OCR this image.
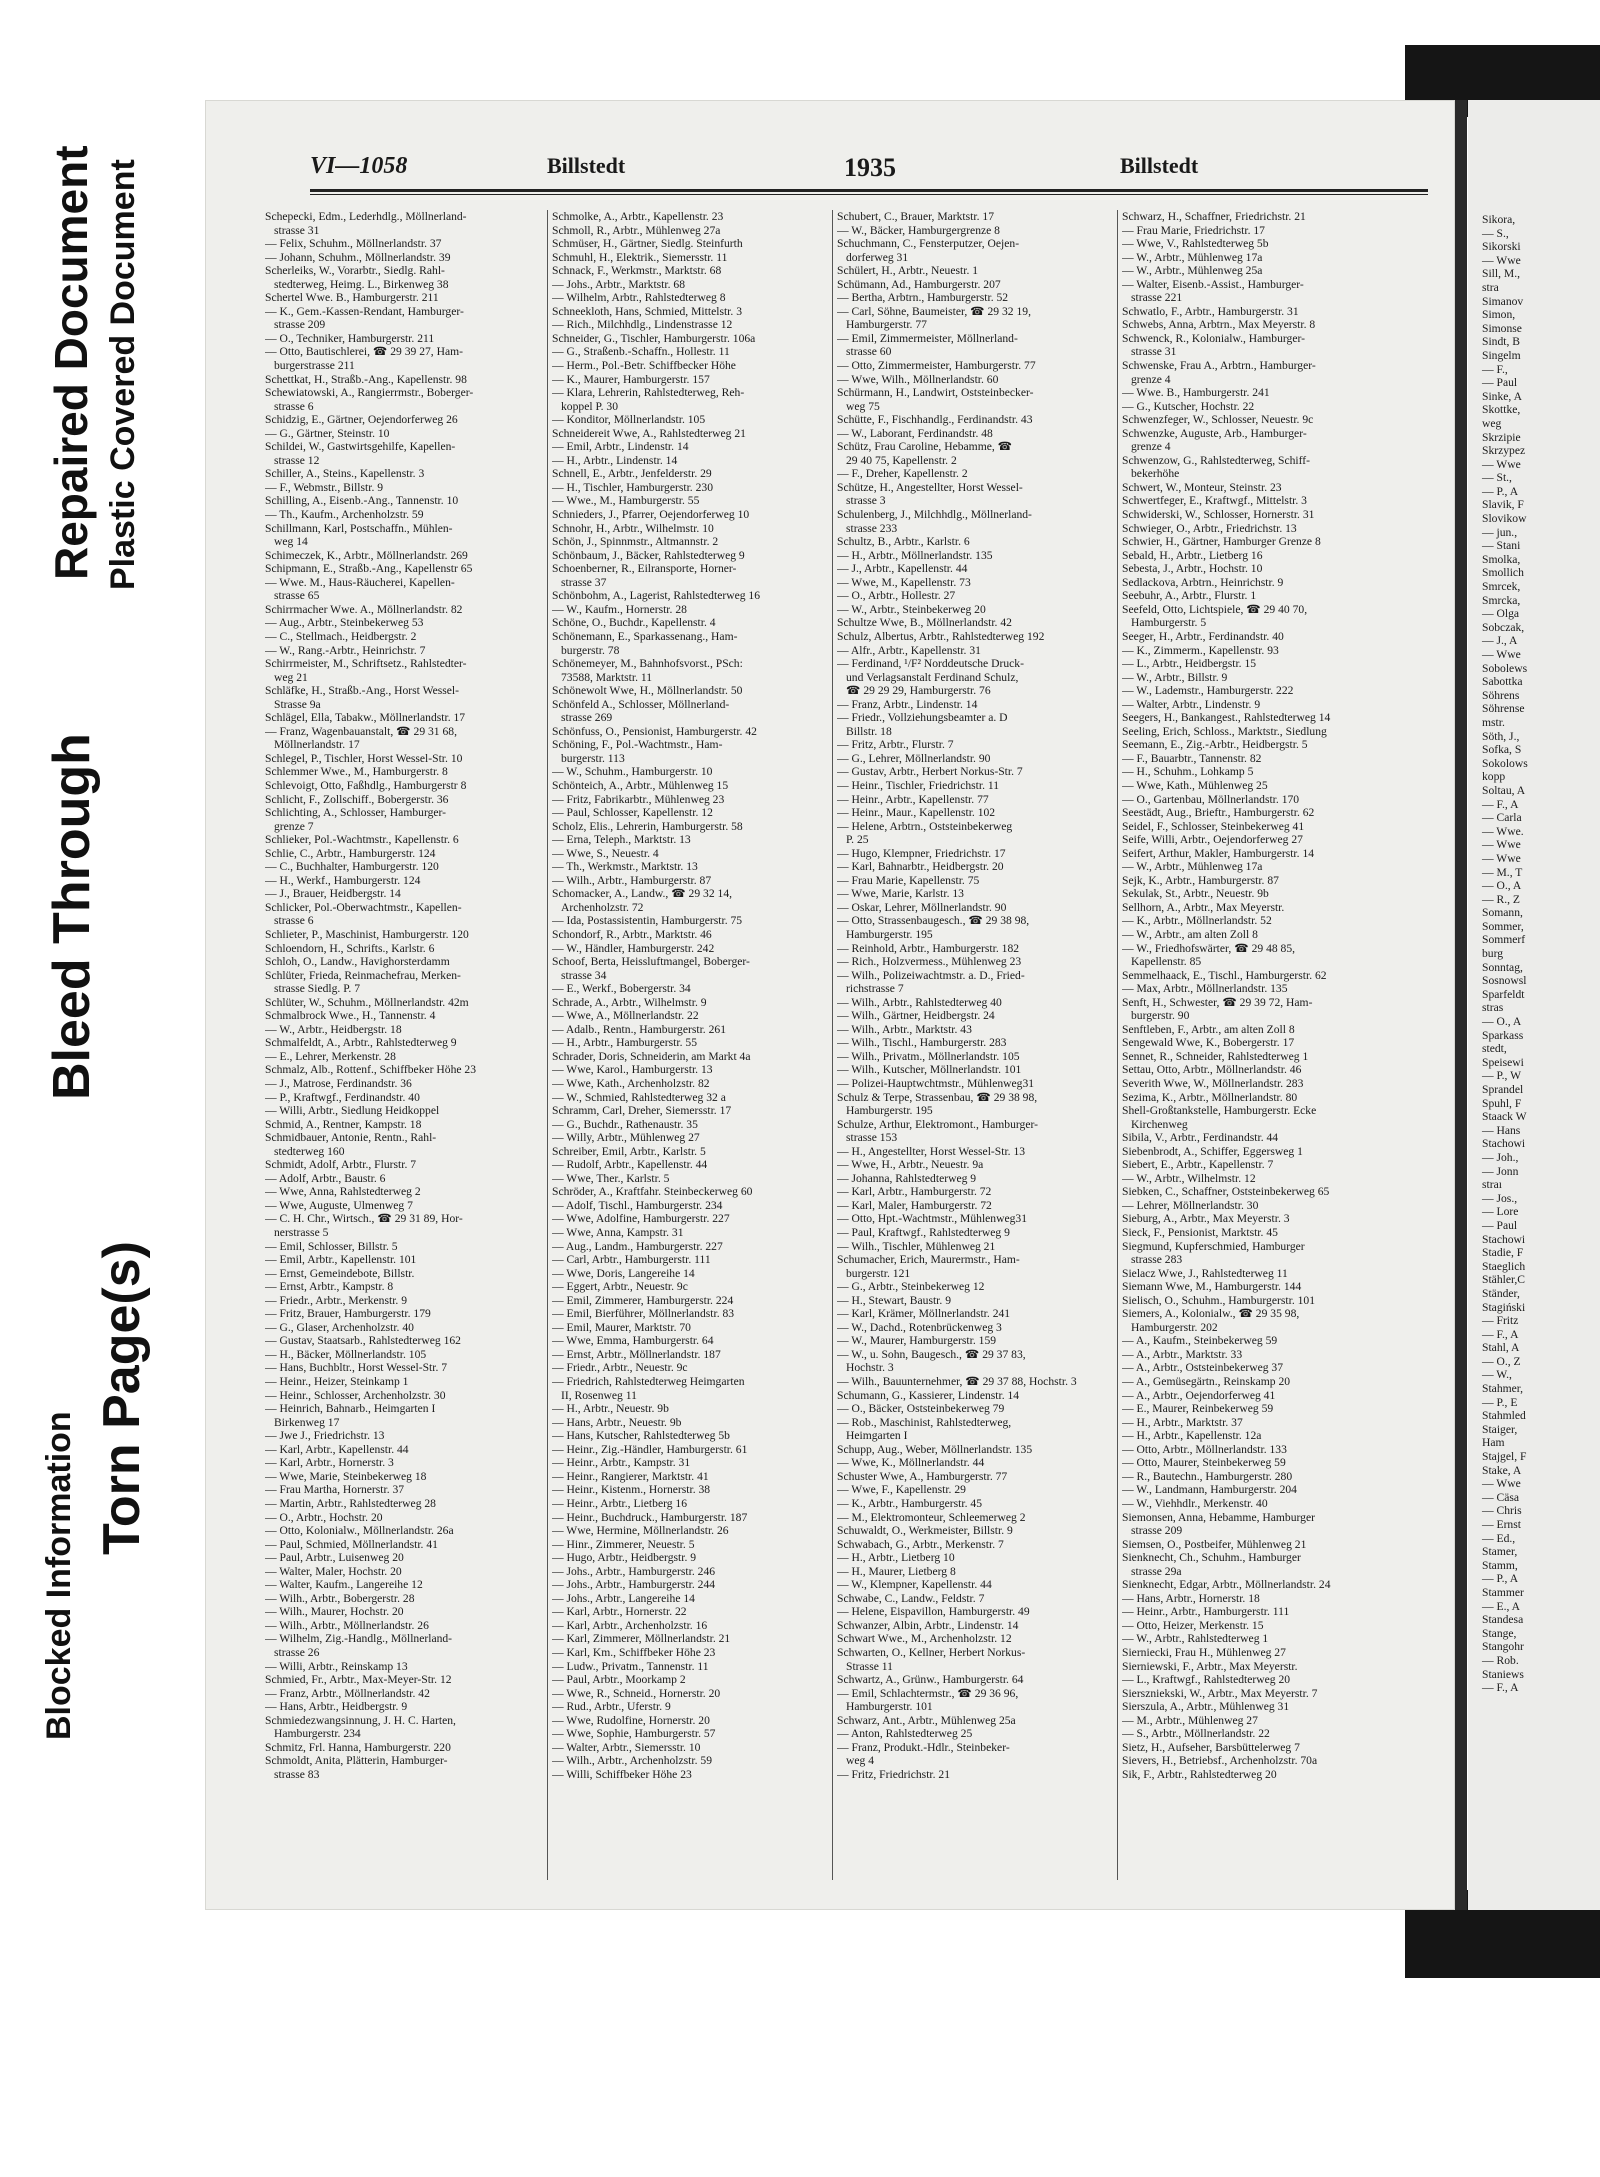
Blocked Information
Torn Page(s)
Bleed Through
Repaired Document Plastic Covered Document	VI—1058	Billstedt	1935	Billstedt
Schepecki, Edm., Lederhdlg., Möllnerland-
strasse 31
— Felix, Schuhm., Möllnerlandstr. 37
— Johann, Schuhm., Möllnerlandstr. 39
Scherleiks, W., Vorarbtr., Siedlg. Rahl-
stedterweg, Heimg. L., Birkenweg 38
Schertel Wwe. B., Hamburgerstr. 211
— K., Gem.-Kassen-Rendant, Hamburger-
strasse 209
— O., Techniker, Hamburgerstr. 211
— Otto, Bautischlerei, ☎ 29 39 27, Ham-
burgerstrasse 211
Schettkat, H., Straßb.-Ang., Kapellenstr. 98
Schewiatowski, A., Rangierrmstr., Boberger-
strasse 6
Schidzig, E., Gärtner, Oejendorferweg 26
— G., Gärtner, Steinstr. 10
Schildei, W., Gastwirtsgehilfe, Kapellen-
strasse 12
Schiller, A., Steins., Kapellenstr. 3
— F., Webmstr., Billstr. 9
Schilling, A., Eisenb.-Ang., Tannenstr. 10
— Th., Kaufm., Archenholzstr. 59
Schillmann, Karl, Postschaffn., Mühlen-
weg 14
Schimeczek, K., Arbtr., Möllnerlandstr. 269
Schipmann, E., Straßb.-Ang., Kapellenstr 65
— Wwe. M., Haus-Räucherei, Kapellen-
strasse 65
Schirrmacher Wwe. A., Möllnerlandstr. 82
— Aug., Arbtr., Steinbekerweg 53
— C., Stellmach., Heidbergstr. 2
— W., Rang.-Arbtr., Heinrichstr. 7
Schirrmeister, M., Schriftsetz., Rahlstedter-
weg 21
Schläfke, H., Straßb.-Ang., Horst Wessel-
Strasse 9a
Schlägel, Ella, Tabakw., Möllnerlandstr. 17
— Franz, Wagenbauanstalt, ☎ 29 31 68,
Möllnerlandstr. 17
Schlegel, P., Tischler, Horst Wessel-Str. 10
Schlemmer Wwe., M., Hamburgerstr. 8
Schlevoigt, Otto, Faßhdlg., Hamburgerstr 8
Schlicht, F., Zollschiff., Bobergerstr. 36
Schlichting, A., Schlosser, Hamburger-
grenze 7
Schlieker, Pol.-Wachtmstr., Kapellenstr. 6
Schlie, C., Arbtr., Hamburgerstr. 124
— C., Buchhalter, Hamburgerstr. 120
— H., Werkf., Hamburgerstr. 124
— J., Brauer, Heidbergstr. 14
Schlicker, Pol.-Oberwachtmstr., Kapellen-
strasse 6
Schlieter, P., Maschinist, Hamburgerstr. 120
Schloendorn, H., Schrifts., Karlstr. 6
Schloh, O., Landw., Havighorsterdamm
Schlüter, Frieda, Reinmachefrau, Merken-
strasse Siedlg. P. 7
Schlüter, W., Schuhm., Möllnerlandstr. 42m
Schmalbrock Wwe., H., Tannenstr. 4
— W., Arbtr., Heidbergstr. 18
Schmalfeldt, A., Arbtr., Rahlstedterweg 9
— E., Lehrer, Merkenstr. 28
Schmalz, Alb., Rottenf., Schiffbeker Höhe 23
— J., Matrose, Ferdinandstr. 36
— P., Kraftwgf., Ferdinandstr. 40
— Willi, Arbtr., Siedlung Heidkoppel
Schmid, A., Rentner, Kampstr. 18
Schmidbauer, Antonie, Rentn., Rahl-
stedterweg 160
Schmidt, Adolf, Arbtr., Flurstr. 7
— Adolf, Arbtr., Baustr. 6
— Wwe, Anna, Rahlstedterweg 2
— Wwe, Auguste, Ulmenweg 7
— C. H. Chr., Wirtsch., ☎ 29 31 89, Hor-
nerstrasse 5
— Emil, Schlosser, Billstr. 5
— Emil, Arbtr., Kapellenstr. 101
— Ernst, Gemeindebote, Billstr.
— Ernst, Arbtr., Kampstr. 8
— Friedr., Arbtr., Merkenstr. 9
— Fritz, Brauer, Hamburgerstr. 179
— G., Glaser, Archenholzstr. 40
— Gustav, Staatsarb., Rahlstedterweg 162
— H., Bäcker, Möllnerlandstr. 105
— Hans, Buchbltr., Horst Wessel-Str. 7
— Heinr., Heizer, Steinkamp 1
— Heinr., Schlosser, Archenholzstr. 30
— Heinrich, Bahnarb., Heimgarten I
Birkenweg 17
— Jwe J., Friedrichstr. 13
— Karl, Arbtr., Kapellenstr. 44
— Karl, Arbtr., Hornerstr. 3
— Wwe, Marie, Steinbekerweg 18
— Frau Martha, Hornerstr. 37
— Martin, Arbtr., Rahlstedterweg 28
— O., Arbtr., Hochstr. 20
— Otto, Kolonialw., Möllnerlandstr. 26a
— Paul, Schmied, Möllnerlandstr. 41
— Paul, Arbtr., Luisenweg 20
— Walter, Maler, Hochstr. 20
— Walter, Kaufm., Langereihe 12
— Wilh., Arbtr., Bobergerstr. 28
— Wilh., Maurer, Hochstr. 20
— Wilh., Arbtr., Möllnerlandstr. 26
— Wilhelm, Zig.-Handlg., Möllnerland-
strasse 26
— Willi, Arbtr., Reinskamp 13
Schmied, Fr., Arbtr., Max-Meyer-Str. 12
— Franz, Arbtr., Möllnerlandstr. 42
— Hans, Arbtr., Heidbergstr. 9
Schmiedezwangsinnung, J. H. C. Harten,
Hamburgerstr. 234
Schmitz, Frl. Hanna, Hamburgerstr. 220
Schmoldt, Anita, Plätterin, Hamburger-
strasse 83
Schmolke, A., Arbtr., Kapellenstr. 23
Schmoll, R., Arbtr., Mühlenweg 27a
Schmüser, H., Gärtner, Siedlg. Steinfurth
Schmuhl, H., Elektrik., Siemersstr. 11
Schnack, F., Werkmstr., Marktstr. 68
— Johs., Arbtr., Marktstr. 68
— Wilhelm, Arbtr., Rahlstedterweg 8
Schneekloth, Hans, Schmied, Mittelstr. 3
— Rich., Milchhdlg., Lindenstrasse 12
Schneider, G., Tischler, Hamburgerstr. 106a
— G., Straßenb.-Schaffn., Hollestr. 11
— Herm., Pol.-Betr. Schiffbecker Höhe
— K., Maurer, Hamburgerstr. 157
— Klara, Lehrerin, Rahlstedterweg, Reh-
koppel P. 30
— Konditor, Möllnerlandstr. 105
Schneidereit Wwe, A., Rahlstedterweg 21
— Emil, Arbtr., Lindenstr. 14
— H., Arbtr., Lindenstr. 14
Schnell, E., Arbtr., Jenfelderstr. 29
— H., Tischler, Hamburgerstr. 230
— Wwe., M., Hamburgerstr. 55
Schnieders, J., Pfarrer, Oejendorferweg 10
Schnohr, H., Arbtr., Wilhelmstr. 10
Schön, J., Spinnmstr., Altmannstr. 2
Schönbaum, J., Bäcker, Rahlstedterweg 9
Schoenberner, R., Eilransporte, Horner-
strasse 37
Schönbohm, A., Lagerist, Rahlstedterweg 16
— W., Kaufm., Hornerstr. 28
Schöne, O., Buchdr., Kapellenstr. 4
Schönemann, E., Sparkassenang., Ham-
burgerstr. 78
Schönemeyer, M., Bahnhofsvorst., PSch:
73588, Marktstr. 11
Schönewolt Wwe, H., Möllnerlandstr. 50
Schönfeld A., Schlosser, Möllnerland-
strasse 269
Schönfuss, O., Pensionist, Hamburgerstr. 42
Schöning, F., Pol.-Wachtmstr., Ham-
burgerstr. 113
— W., Schuhm., Hamburgerstr. 10
Schönteich, A., Arbtr., Mühlenweg 15
— Fritz, Fabrikarbtr., Mühlenweg 23
— Paul, Schlosser, Kapellenstr. 12
Scholz, Elis., Lehrerin, Hamburgerstr. 58
— Erna, Teleph., Marktstr. 13
— Wwe, S., Neuestr. 4
— Th., Werkmstr., Marktstr. 13
— Wilh., Arbtr., Hamburgerstr. 87
Schomacker, A., Landw., ☎ 29 32 14,
Archenholzstr. 72
— Ida, Postassistentin, Hamburgerstr. 75
Schondorf, R., Arbtr., Marktstr. 46
— W., Händler, Hamburgerstr. 242
Schoof, Berta, Heissluftmangel, Boberger-
strasse 34
— E., Werkf., Bobergerstr. 34
Schrade, A., Arbtr., Wilhelmstr. 9
— Wwe, A., Möllnerlandstr. 22
— Adalb., Rentn., Hamburgerstr. 261
— H., Arbtr., Hamburgerstr. 55
Schrader, Doris, Schneiderin, am Markt 4a
— Wwe, Karol., Hamburgerstr. 13
— Wwe, Kath., Archenholzstr. 82
— W., Schmied, Rahlstedterweg 32 a
Schramm, Carl, Dreher, Siemersstr. 17
— G., Buchdr., Rathenaustr. 35
— Willy, Arbtr., Mühlenweg 27
Schreiber, Emil, Arbtr., Karlstr. 5
— Rudolf, Arbtr., Kapellenstr. 44
— Wwe, Ther., Karlstr. 5
Schröder, A., Kraftfahr. Steinbeckerweg 60
— Adolf, Tischl., Hamburgerstr. 234
— Wwe, Adolfine, Hamburgerstr. 227
— Wwe, Anna, Kampstr. 31
— Aug., Landm., Hamburgerstr. 227
— Carl, Arbtr., Hamburgerstr. 111
— Wwe, Doris, Langereihe 14
— Eggert, Arbtr., Neuestr. 9c
— Emil, Zimmerer, Hamburgerstr. 224
— Emil, Bierführer, Möllnerlandstr. 83
— Emil, Maurer, Marktstr. 70
— Wwe, Emma, Hamburgerstr. 64
— Ernst, Arbtr., Möllnerlandstr. 187
— Friedr., Arbtr., Neuestr. 9c
— Friedrich, Rahlstedterweg Heimgarten
II, Rosenweg 11
— H., Arbtr., Neuestr. 9b
— Hans, Arbtr., Neuestr. 9b
— Hans, Kutscher, Rahlstedterweg 5b
— Heinr., Zig.-Händler, Hamburgerstr. 61
— Heinr., Arbtr., Kampstr. 31
— Heinr., Rangierer, Marktstr. 41
— Heinr., Kistenm., Hornerstr. 38
— Heinr., Arbtr., Lietberg 16
— Heinr., Buchdruck., Hamburgerstr. 187
— Wwe, Hermine, Möllnerlandstr. 26
— Hinr., Zimmerer, Neuestr. 5
— Hugo, Arbtr., Heidbergstr. 9
— Johs., Arbtr., Hamburgerstr. 246
— Johs., Arbtr., Hamburgerstr. 244
— Johs., Arbtr., Langereihe 14
— Karl, Arbtr., Hornerstr. 22
— Karl, Arbtr., Archenholzstr. 16
— Karl, Zimmerer, Möllnerlandstr. 21
— Karl, Km., Schiffbeker Höhe 23
— Ludw., Privatm., Tannenstr. 11
— Paul, Arbtr., Moorkamp 2
— Wwe, R., Schneid., Hornerstr. 20
— Rud., Arbtr., Uferstr. 9
— Wwe, Rudolfine, Hornerstr. 20
— Wwe, Sophie, Hamburgerstr. 57
— Walter, Arbtr., Siemersstr. 10
— Wilh., Arbtr., Archenholzstr. 59
— Willi, Schiffbeker Höhe 23
Schubert, C., Brauer, Marktstr. 17
— W., Bäcker, Hamburgergrenze 8
Schuchmann, C., Fensterputzer, Oejen-
dorferweg 31
Schülert, H., Arbtr., Neuestr. 1
Schümann, Ad., Hamburgerstr. 207
— Bertha, Arbtrn., Hamburgerstr. 52
— Carl, Söhne, Baumeister, ☎ 29 32 19,
Hamburgerstr. 77
— Emil, Zimmermeister, Möllnerland-
strasse 60
— Otto, Zimmermeister, Hamburgerstr. 77
— Wwe, Wilh., Möllnerlandstr. 60
Schürmann, H., Landwirt, Oststeinbecker-
weg 75
Schütte, F., Fischhandlg., Ferdinandstr. 43
— W., Laborant, Ferdinandstr. 48
Schütz, Frau Caroline, Hebamme, ☎
29 40 75, Kapellenstr. 2
— F., Dreher, Kapellenstr. 2
Schütze, H., Angestellter, Horst Wessel-
strasse 3
Schulenberg, J., Milchhdlg., Möllnerland-
strasse 233
Schultz, B., Arbtr., Karlstr. 6
— H., Arbtr., Möllnerlandstr. 135
— J., Arbtr., Kapellenstr. 44
— Wwe, M., Kapellenstr. 73
— O., Arbtr., Hollestr. 27
— W., Arbtr., Steinbekerweg 20
Schultze Wwe, B., Möllnerlandstr. 42
Schulz, Albertus, Arbtr., Rahlstedterweg 192
— Alfr., Arbtr., Kapellenstr. 31
— Ferdinand, ¹/F² Norddeutsche Druck-
und Verlagsanstalt Ferdinand Schulz,
☎ 29 29 29, Hamburgerstr. 76
— Franz, Arbtr., Lindenstr. 14
— Friedr., Vollziehungsbeamter a. D
Billstr. 18
— Fritz, Arbtr., Flurstr. 7
— G., Lehrer, Möllnerlandstr. 90
— Gustav, Arbtr., Herbert Norkus-Str. 7
— Heinr., Tischler, Friedrichstr. 11
— Heinr., Arbtr., Kapellenstr. 77
— Heinr., Maur., Kapellenstr. 102
— Helene, Arbtrn., Oststeinbekerweg
P. 25
— Hugo, Klempner, Friedrichstr. 17
— Karl, Bahnarbtr., Heidbergstr. 20
— Frau Marie, Kapellenstr. 75
— Wwe, Marie, Karlstr. 13
— Oskar, Lehrer, Möllnerlandstr. 90
— Otto, Strassenbaugesch., ☎ 29 38 98,
Hamburgerstr. 195
— Reinhold, Arbtr., Hamburgerstr. 182
— Rich., Holzvermess., Mühlenweg 23
— Wilh., Polizeiwachtmstr. a. D., Fried-
richstrasse 7
— Wilh., Arbtr., Rahlstedterweg 40
— Wilh., Gärtner, Heidbergstr. 24
— Wilh., Arbtr., Marktstr. 43
— Wilh., Tischl., Hamburgerstr. 283
— Wilh., Privatm., Möllnerlandstr. 105
— Wilh., Kutscher, Möllnerlandstr. 101
— Polizei-Hauptwchtmstr., Mühlenweg31
Schulz & Terpe, Strassenbau, ☎ 29 38 98,
Hamburgerstr. 195
Schulze, Arthur, Elektromont., Hamburger-
strasse 153
— H., Angestellter, Horst Wessel-Str. 13
— Wwe, H., Arbtr., Neuestr. 9a
— Johanna, Rahlstedterweg 9
— Karl, Arbtr., Hamburgerstr. 72
— Karl, Maler, Hamburgerstr. 72
— Otto, Hpt.-Wachtmstr., Mühlenweg31
— Paul, Kraftwgf., Rahlstedterweg 9
— Wilh., Tischler, Mühlenweg 21
Schumacher, Erich, Maurermstr., Ham-
burgerstr. 121
— G., Arbtr., Steinbekerweg 12
— H., Stewart, Baustr. 9
— Karl, Krämer, Möllnerlandstr. 241
— W., Dachd., Rotenbrückenweg 3
— W., Maurer, Hamburgerstr. 159
— W., u. Sohn, Baugesch., ☎ 29 37 83,
Hochstr. 3
— Wilh., Bauunternehmer, ☎ 29 37 88, Hochstr. 3
Schumann, G., Kassierer, Lindenstr. 14
— O., Bäcker, Oststeinbekerweg 79
— Rob., Maschinist, Rahlstedterweg,
Heimgarten I
Schupp, Aug., Weber, Möllnerlandstr. 135
— Wwe, K., Möllnerlandstr. 44
Schuster Wwe, A., Hamburgerstr. 77
— Wwe, F., Kapellenstr. 29
— K., Arbtr., Hamburgerstr. 45
— M., Elektromonteur, Schleemerweg 2
Schuwaldt, O., Werkmeister, Billstr. 9
Schwabach, G., Arbtr., Merkenstr. 7
— H., Arbtr., Lietberg 10
— H., Maurer, Lietberg 8
— W., Klempner, Kapellenstr. 44
Schwabe, C., Landw., Feldstr. 7
— Helene, Eispavillon, Hamburgerstr. 49
Schwanzer, Albin, Arbtr., Lindenstr. 14
Schwart Wwe., M., Archenholzstr. 12
Schwarten, O., Kellner, Herbert Norkus-
Strasse 11
Schwartz, A., Grünw., Hamburgerstr. 64
— Emil, Schlachtermstr., ☎ 29 36 96,
Hamburgerstr. 101
Schwarz, Ant., Arbtr., Mühlenweg 25a
— Anton, Rahlstedterweg 25
— Franz, Produkt.-Hdlr., Steinbeker-
weg 4
— Fritz, Friedrichstr. 21
Schwarz, H., Schaffner, Friedrichstr. 21
— Frau Marie, Friedrichstr. 17
— Wwe, V., Rahlstedterweg 5b
— W., Arbtr., Mühlenweg 17a
— W., Arbtr., Mühlenweg 25a
— Walter, Eisenb.-Assist., Hamburger-
strasse 221
Schwatlo, F., Arbtr., Hamburgerstr. 31
Schwebs, Anna, Arbtrn., Max Meyerstr. 8
Schwenck, R., Kolonialw., Hamburger-
strasse 31
Schwenske, Frau A., Arbtrn., Hamburger-
grenze 4
— Wwe. B., Hamburgerstr. 241
— G., Kutscher, Hochstr. 22
Schwenzfeger, W., Schlosser, Neuestr. 9c
Schwenzke, Auguste, Arb., Hamburger-
grenze 4
Schwenzow, G., Rahlstedterweg, Schiff-
bekerhöhe
Schwert, W., Monteur, Steinstr. 23
Schwertfeger, E., Kraftwgf., Mittelstr. 3
Schwiderski, W., Schlosser, Hornerstr. 31
Schwieger, O., Arbtr., Friedrichstr. 13
Schwier, H., Gärtner, Hamburger Grenze 8
Sebald, H., Arbtr., Lietberg 16
Sebesta, J., Arbtr., Hochstr. 10
Sedlackova, Arbtrn., Heinrichstr. 9
Seebuhr, A., Arbtr., Flurstr. 1
Seefeld, Otto, Lichtspiele, ☎ 29 40 70,
Hamburgerstr. 5
Seeger, H., Arbtr., Ferdinandstr. 40
— K., Zimmerm., Kapellenstr. 93
— L., Arbtr., Heidbergstr. 15
— W., Arbtr., Billstr. 9
— W., Lademstr., Hamburgerstr. 222
— Walter, Arbtr., Lindenstr. 9
Seegers, H., Bankangest., Rahlstedterweg 14
Seeling, Erich, Schloss., Marktstr., Siedlung
Seemann, E., Zig.-Arbtr., Heidbergstr. 5
— F., Bauarbtr., Tannenstr. 82
— H., Schuhm., Lohkamp 5
— Wwe, Kath., Mühlenweg 25
— O., Gartenbau, Möllnerlandstr. 170
Seestädt, Aug., Brieftr., Hamburgerstr. 62
Seidel, F., Schlosser, Steinbekerweg 41
Seife, Willi, Arbtr., Oejendorferweg 27
Seifert, Arthur, Makler, Hamburgerstr. 14
— W., Arbtr., Mühlenweg 17a
Sejk, K., Arbtr., Hamburgerstr. 87
Sekulak, St., Arbtr., Neuestr. 9b
Sellhorn, A., Arbtr., Max Meyerstr.
— K., Arbtr., Möllnerlandstr. 52
— W., Arbtr., am alten Zoll 8
— W., Friedhofswärter, ☎ 29 48 85,
Kapellenstr. 85
Semmelhaack, E., Tischl., Hamburgerstr. 62
— Max, Arbtr., Möllnerlandstr. 135
Senft, H., Schwester, ☎ 29 39 72, Ham-
burgerstr. 90
Senftleben, F., Arbtr., am alten Zoll 8
Sengewald Wwe, K., Bobergerstr. 17
Sennet, R., Schneider, Rahlstedterweg 1
Settau, Otto, Arbtr., Möllnerlandstr. 46
Severith Wwe, W., Möllnerlandstr. 283
Sezima, K., Arbtr., Möllnerlandstr. 80
Shell-Großtankstelle, Hamburgerstr. Ecke
Kirchenweg
Sibila, V., Arbtr., Ferdinandstr. 44
Siebenbrodt, A., Schiffer, Eggersweg 1
Siebert, E., Arbtr., Kapellenstr. 7
— W., Arbtr., Wilhelmstr. 12
Siebken, C., Schaffner, Oststeinbekerweg 65
— Lehrer, Möllnerlandstr. 30
Sieburg, A., Arbtr., Max Meyerstr. 3
Sieck, F., Pensionist, Marktstr. 45
Siegmund, Kupferschmied, Hamburger
strasse 283
Sielacz Wwe, J., Rahlstedterweg 11
Siemann Wwe, M., Hamburgerstr. 144
Sielisch, O., Schuhm., Hamburgerstr. 101
Siemers, A., Kolonialw., ☎ 29 35 98,
Hamburgerstr. 202
— A., Kaufm., Steinbekerweg 59
— A., Arbtr., Marktstr. 33
— A., Arbtr., Oststeinbekerweg 37
— A., Gemüsegärtn., Reinskamp 20
— A., Arbtr., Oejendorferweg 41
— E., Maurer, Reinbekerweg 59
— H., Arbtr., Marktstr. 37
— H., Arbtr., Kapellenstr. 12a
— Otto, Arbtr., Möllnerlandstr. 133
— Otto, Maurer, Steinbekerweg 59
— R., Bautechn., Hamburgerstr. 280
— W., Landmann, Hamburgerstr. 204
— W., Viehhdlr., Merkenstr. 40
Siemonsen, Anna, Hebamme, Hamburger
strasse 209
Siemsen, O., Postbeifer, Mühlenweg 21
Sienknecht, Ch., Schuhm., Hamburger
strasse 29a
Sienknecht, Edgar, Arbtr., Möllnerlandstr. 24
— Hans, Arbtr., Hornerstr. 18
— Heinr., Arbtr., Hamburgerstr. 111
— Otto, Heizer, Merkenstr. 15
— W., Arbtr., Rahlstedterweg 1
Sierniecki, Frau H., Mühlenweg 27
Sierniewski, F., Arbtr., Max Meyerstr.
— L., Kraftwgf., Rahlstedterweg 20
Sierszniekski, W., Arbtr., Max Meyerstr. 7
Sierszula, A., Arbtr., Mühlenweg 31
— M., Arbtr., Mühlenweg 27
— S., Arbtr., Möllnerlandstr. 22
Sietz, H., Aufseher, Barsbüttelerweg 7
Sievers, H., Betriebsf., Archenholzstr. 70a
Sik, F., Arbtr., Rahlstedterweg 20
Sikora,
— S.,
Sikorski
— Wwe
Sill, M.,
stra
Simanov
Simon,
Simonse
Sindt, B
Singelm
— F.,
— Paul
Sinke, A
Skottke,
weg
Skrzipie
Skrzypez
— Wwe
— St.,
— P., A
Slavik, F
Slovikow
— jun.,
— Stani
Smolka,
Smollich
Smrcek,
Smrcka,
— Olga
Sobczak,
— J., A
— Wwe
Sobolews
Sabottka
Söhrens
Söhrense
mstr.
Söth, J.,
Sofka, S
Sokolows
kopp
Soltau, A
— F., A
— Carla
— Wwe.
— Wwe
— Wwe
— M., T
— O., A
— R., Z
Somann,
Sommer,
Sommerf
burg
Sonntag,
Sosnowsl
Sparfeldt
stras
— O., A
Sparkass
stedt,
Speisewi
— P., W
Sprandel
Spuhl, F
Staack W
— Hans
Stachowi
— Joh.,
— Jonn
straı
— Jos.,
— Lore
— Paul
Stachowi
Stadie, F
Staeglich
Stähler,C
Ständer,
Stagiński
— Fritz
— F., A
Stahl, A
— O., Z
— W.,
Stahmer,
— P., E
Stahmled
Staiger,
Ham
Stajgel, F
Stake, A
— Wwe
— Cäsa
— Chris
— Ernst
— Ed.,
Stamer,
Stamm,
— P., A
Stammer
— E., A
Standesa
Stange,
Stangohr
— Rob.
Staniews
— F., A
